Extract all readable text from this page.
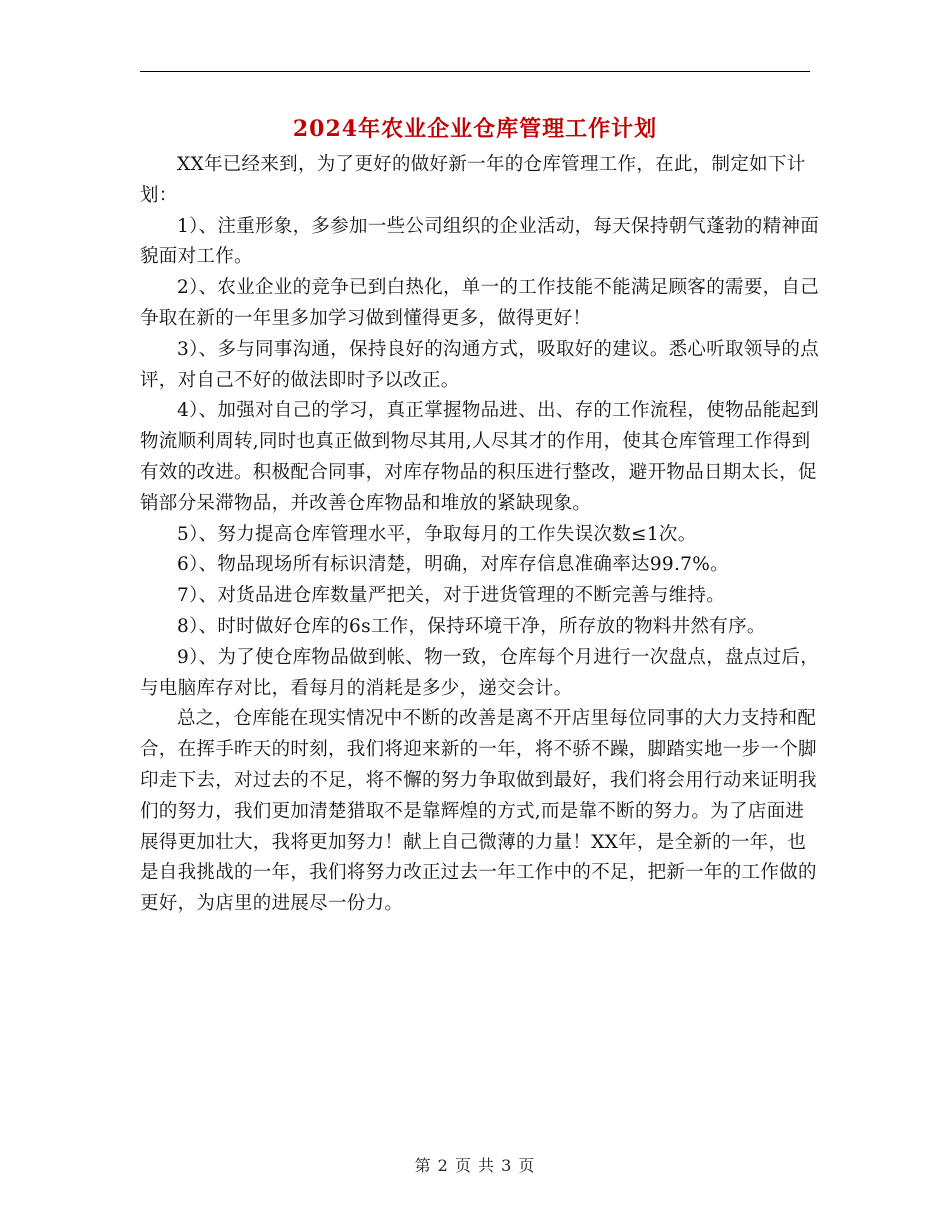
2024年农业企业仓库管理工作计划

XX年已经来到，为了更好的做好新一年的仓库管理工作，在此，制定如下计划：

1）、注重形象，多参加一些公司组织的企业活动，每天保持朝气蓬勃的精神面貌面对工作。

2）、农业企业的竞争已到白热化，单一的工作技能不能满足顾客的需要，自己争取在新的一年里多加学习做到懂得更多，做得更好！

3）、多与同事沟通，保持良好的沟通方式，吸取好的建议。悉心听取领导的点评，对自己不好的做法即时予以改正。

4）、加强对自己的学习，真正掌握物品进、出、存的工作流程，使物品能起到物流顺利周转,同时也真正做到物尽其用,人尽其才的作用，使其仓库管理工作得到有效的改进。积极配合同事，对库存物品的积压进行整改，避开物品日期太长，促销部分呆滞物品，并改善仓库物品和堆放的紧缺现象。

5）、努力提高仓库管理水平，争取每月的工作失误次数≤1次。

6）、物品现场所有标识清楚，明确，对库存信息准确率达99.7%。

7）、对货品进仓库数量严把关，对于进货管理的不断完善与维持。

8）、时时做好仓库的6s工作，保持环境干净，所存放的物料井然有序。

9）、为了使仓库物品做到帐、物一致，仓库每个月进行一次盘点，盘点过后，与电脑库存对比，看每月的消耗是多少，递交会计。

总之，仓库能在现实情况中不断的改善是离不开店里每位同事的大力支持和配合，在挥手昨天的时刻，我们将迎来新的一年，将不骄不躁，脚踏实地一步一个脚印走下去，对过去的不足，将不懈的努力争取做到最好，我们将会用行动来证明我们的努力，我们更加清楚猎取不是靠辉煌的方式,而是靠不断的努力。为了店面进展得更加壮大，我将更加努力！献上自己微薄的力量！XX年，是全新的一年，也是自我挑战的一年，我们将努力改正过去一年工作中的不足，把新一年的工作做的更好，为店里的进展尽一份力。

第 2 页 共 3 页
